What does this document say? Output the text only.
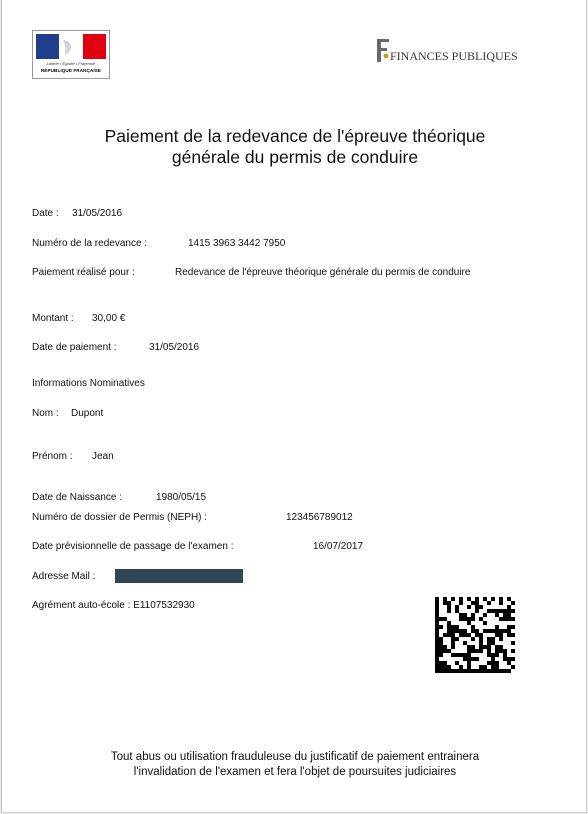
Liberté • Égalité • Fraternité
RÉPUBLIQUE FRANÇAISE
FINANCES PUBLIQUES
Paiement de la redevance de l'épreuve théorique
générale du permis de conduire
Date : 31/05/2016
Numéro de la redevance :	1415 3963 3442 7950
Paiement réalisé pour :	Redevance de l'épreuve théorique générale du permis de conduire
Montant : 30,00 €
Date de paiement :	31/05/2016
Informations Nominatives
Nom : Dupont
Prénom : Jean
Date de Naissance :	1980/05/15
Numéro de dossier de Permis (NEPH) :	123456789012
Date prévisionnelle de passage de l'examen :	16/07/2017
Adresse Mail :
Agrément auto-école : E1107532930
Tout abus ou utilisation frauduleuse du justificatif de paiement entrainera
l'invalidation de l'examen et fera l'objet de poursuites judiciaires
